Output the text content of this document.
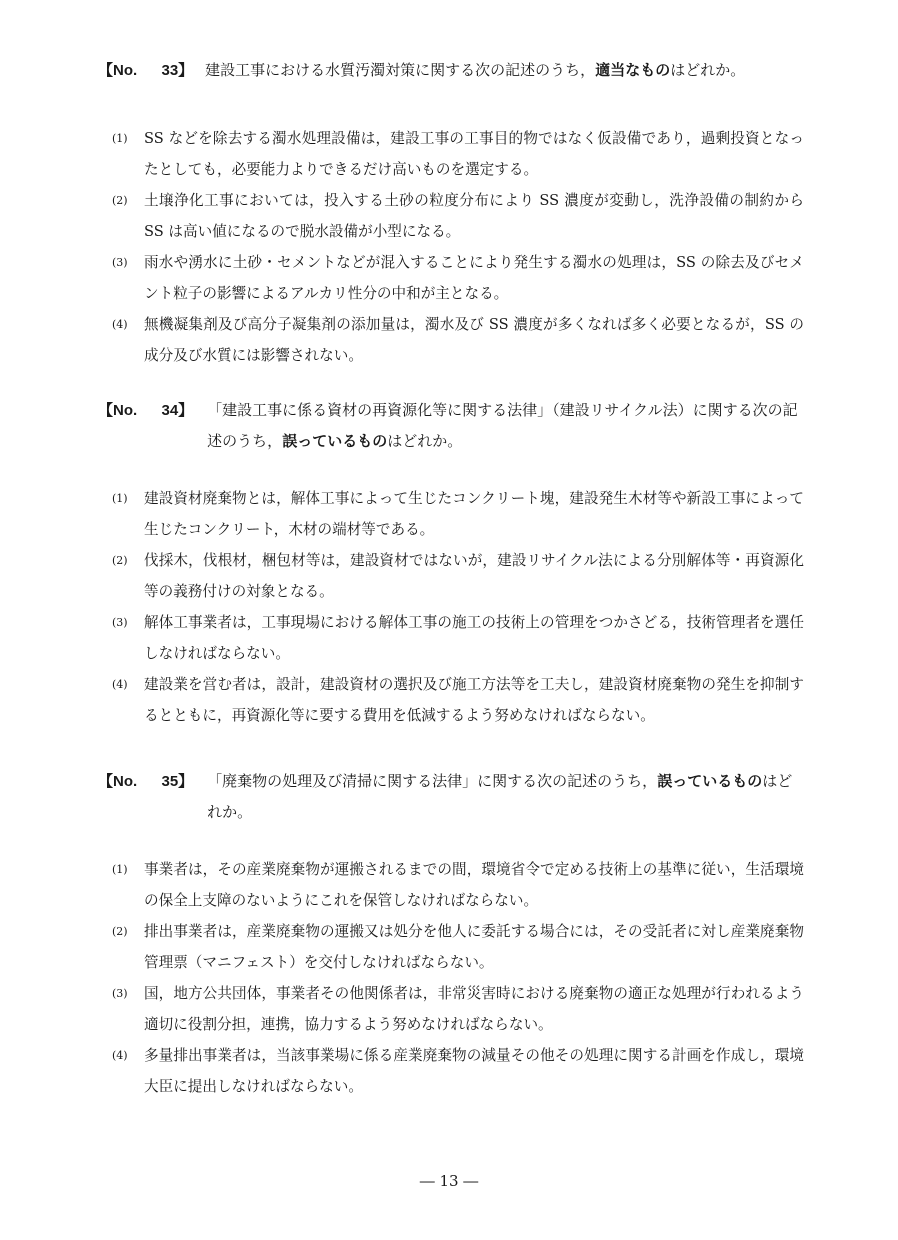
【No. 33】 建設工事における水質汚濁対策に関する次の記述のうち，適当なものはどれか。
(1)	SS などを除去する濁水処理設備は，建設工事の工事目的物ではなく仮設備であり，過剰投資となったとしても，必要能力よりできるだけ高いものを選定する。
(2)	土壌浄化工事においては，投入する土砂の粒度分布により SS 濃度が変動し，洗浄設備の制約から SS は高い値になるので脱水設備が小型になる。
(3)	雨水や湧水に土砂・セメントなどが混入することにより発生する濁水の処理は，SS の除去及びセメント粒子の影響によるアルカリ性分の中和が主となる。
(4)	無機凝集剤及び高分子凝集剤の添加量は，濁水及び SS 濃度が多くなれば多く必要となるが，SS の成分及び水質には影響されない。
【No. 34】 「建設工事に係る資材の再資源化等に関する法律」（建設リサイクル法）に関する次の記述のうち，誤っているものはどれか。
(1)	建設資材廃棄物とは，解体工事によって生じたコンクリート塊，建設発生木材等や新設工事によって生じたコンクリート，木材の端材等である。
(2)	伐採木，伐根材，梱包材等は，建設資材ではないが，建設リサイクル法による分別解体等・再資源化等の義務付けの対象となる。
(3)	解体工事業者は，工事現場における解体工事の施工の技術上の管理をつかさどる，技術管理者を選任しなければならない。
(4)	建設業を営む者は，設計，建設資材の選択及び施工方法等を工夫し，建設資材廃棄物の発生を抑制するとともに，再資源化等に要する費用を低減するよう努めなければならない。
【No. 35】 「廃棄物の処理及び清掃に関する法律」に関する次の記述のうち，誤っているものはどれか。
(1)	事業者は，その産業廃棄物が運搬されるまでの間，環境省令で定める技術上の基準に従い，生活環境の保全上支障のないようにこれを保管しなければならない。
(2)	排出事業者は，産業廃棄物の運搬又は処分を他人に委託する場合には，その受託者に対し産業廃棄物管理票（マニフェスト）を交付しなければならない。
(3)	国，地方公共団体，事業者その他関係者は，非常災害時における廃棄物の適正な処理が行われるよう適切に役割分担，連携，協力するよう努めなければならない。
(4)	多量排出事業者は，当該事業場に係る産業廃棄物の減量その他その処理に関する計画を作成し，環境大臣に提出しなければならない。
― 13 ―
